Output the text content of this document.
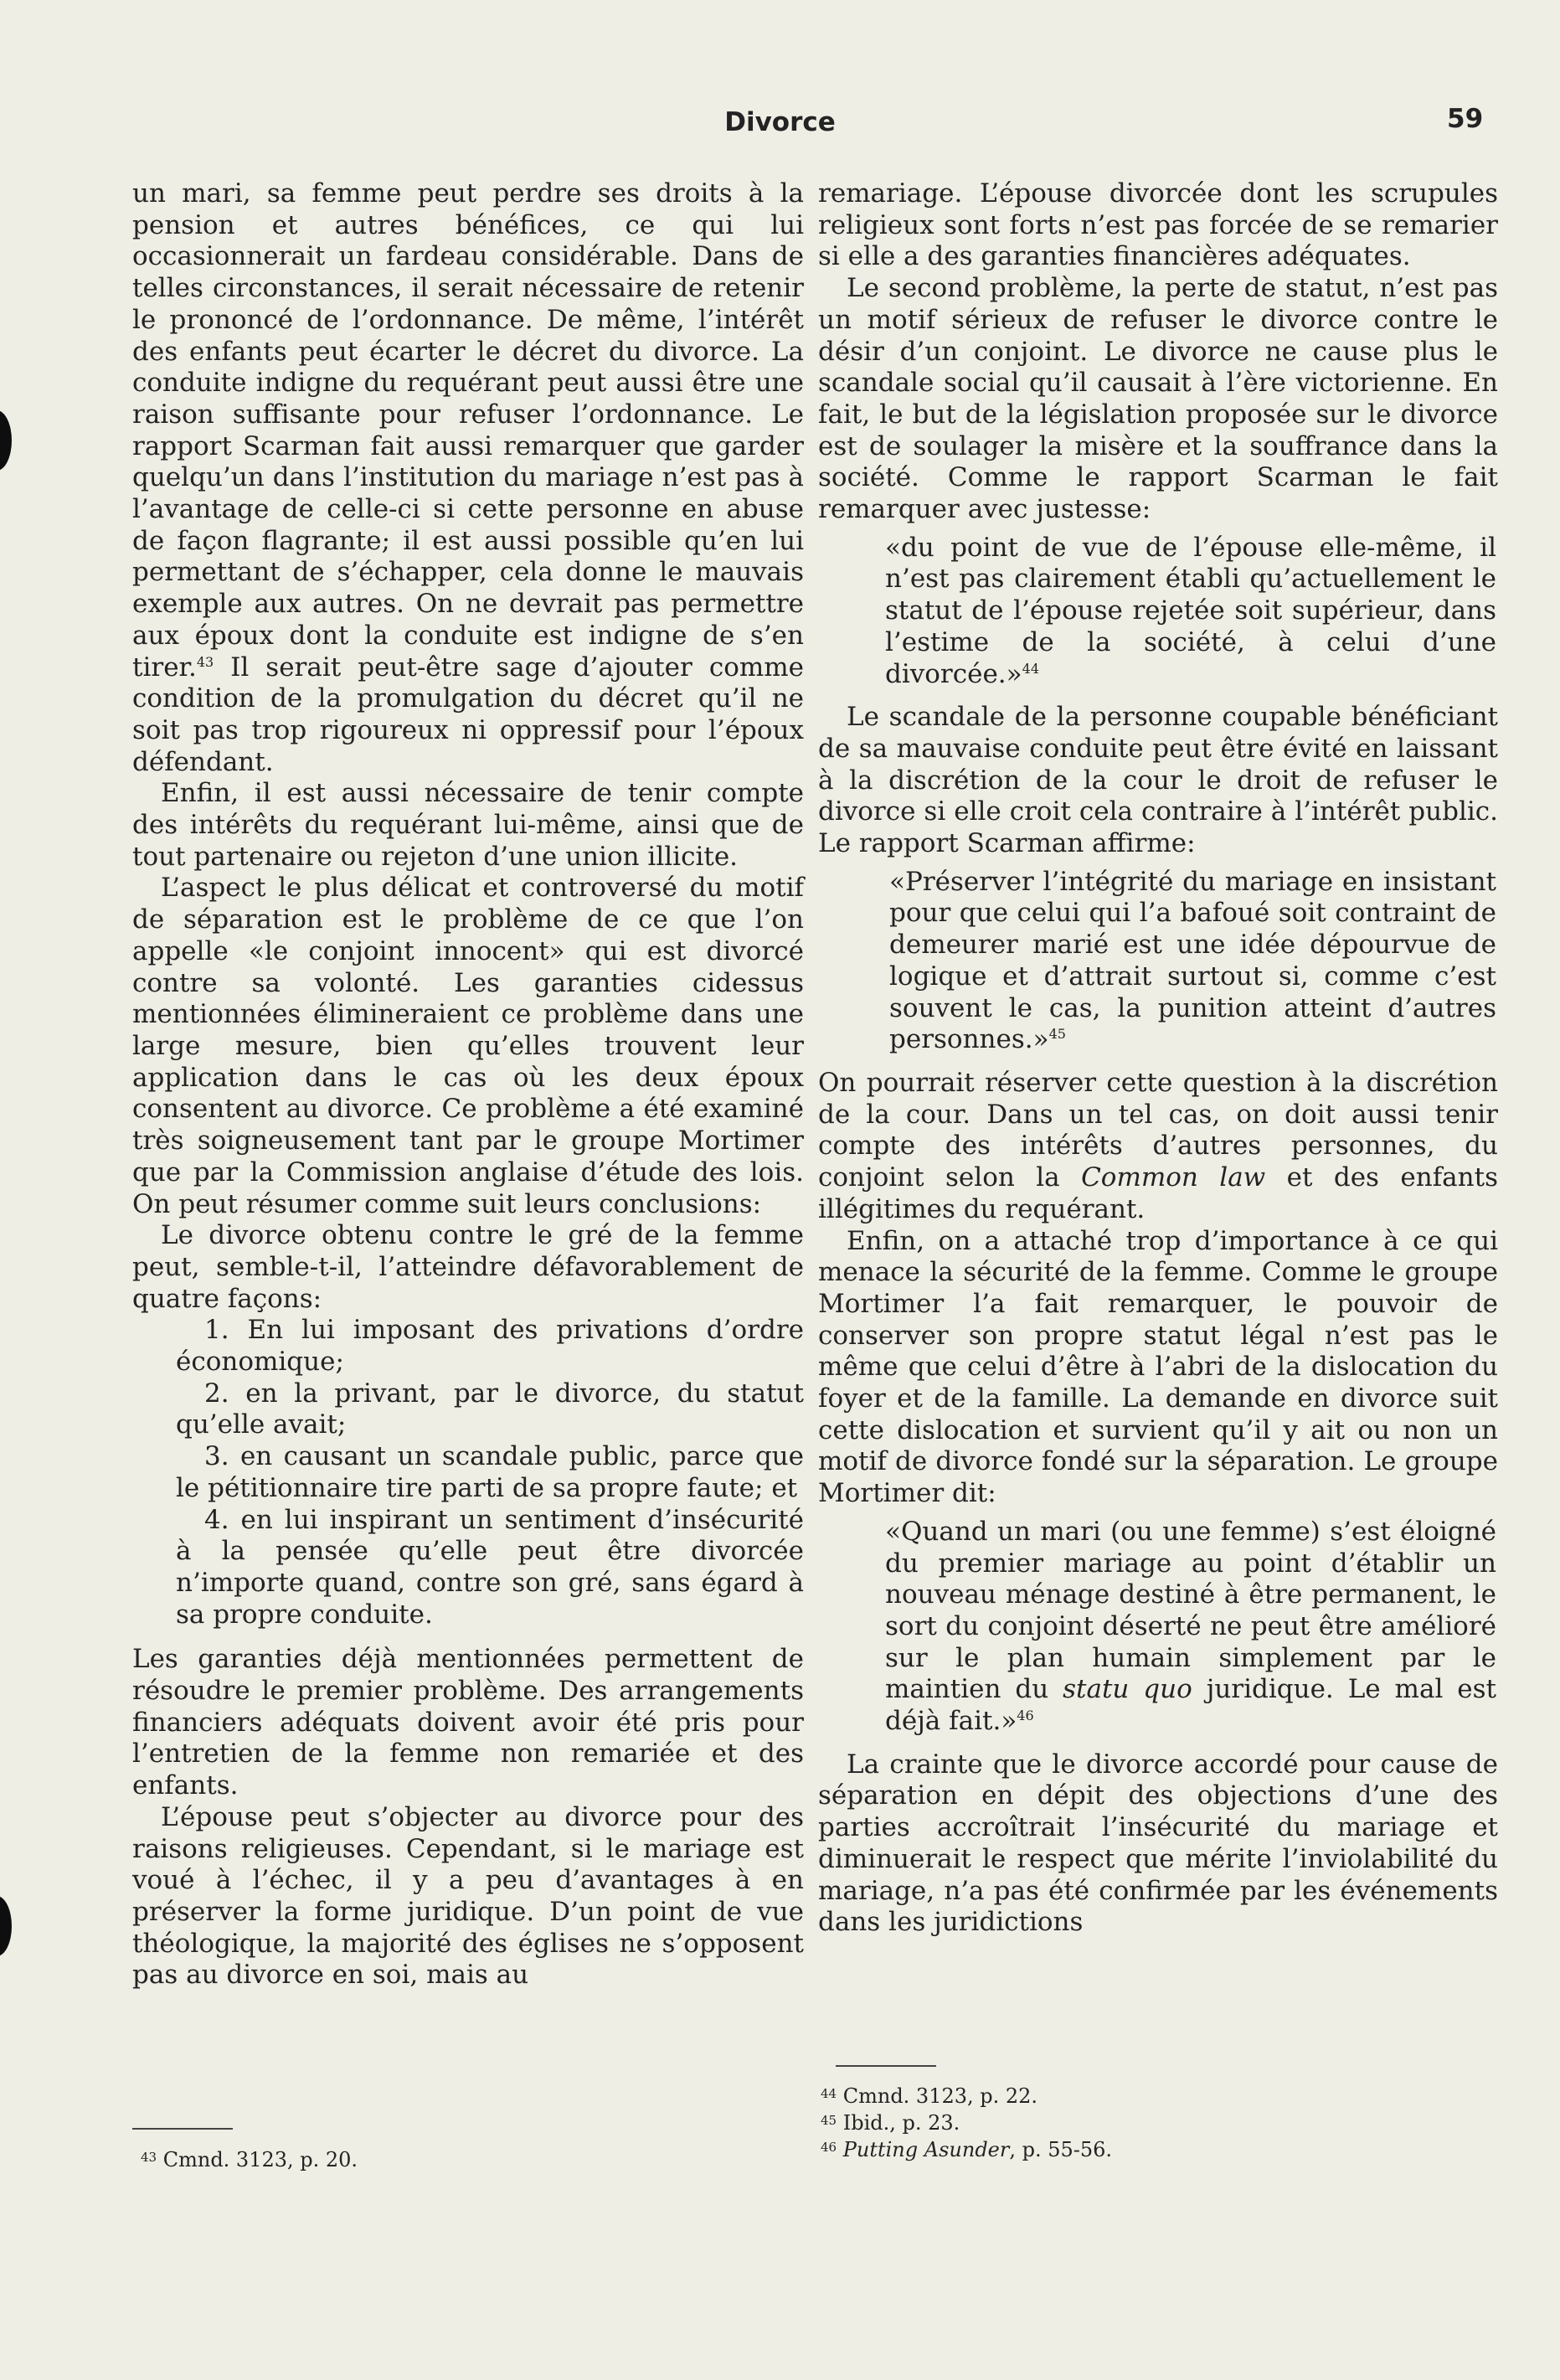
Divorce	59

un mari, sa femme peut perdre ses droits à la pension et autres bénéfices, ce qui lui occasionnerait un fardeau considérable. Dans de telles circonstances, il serait nécessaire de retenir le prononcé de l’ordonnance. De même, l’intérêt des enfants peut écarter le décret du divorce. La conduite indigne du requérant peut aussi être une raison suffisante pour refuser l’ordonnance. Le rapport Scarman fait aussi remarquer que garder quelqu’un dans l’institution du mariage n’est pas à l’avantage de celle-ci si cette personne en abuse de façon flagrante; il est aussi possible qu’en lui permettant de s’échapper, cela donne le mauvais exemple aux autres. On ne devrait pas permettre aux époux dont la conduite est indigne de s’en tirer.$^{43}$ Il serait peut-être sage d’ajouter comme condition de la promulgation du décret qu’il ne soit pas trop rigoureux ni oppressif pour l’époux défendant.

Enfin, il est aussi nécessaire de tenir compte des intérêts du requérant lui-même, ainsi que de tout partenaire ou rejeton d’une union illicite.

L’aspect le plus délicat et controversé du motif de séparation est le problème de ce que l’on appelle «le conjoint innocent» qui est divorcé contre sa volonté. Les garanties cidessus mentionnées élimineraient ce problème dans une large mesure, bien qu’elles trouvent leur application dans le cas où les deux époux consentent au divorce. Ce problème a été examiné très soigneusement tant par le groupe Mortimer que par la Commission anglaise d’étude des lois. On peut résumer comme suit leurs conclusions:

Le divorce obtenu contre le gré de la femme peut, semble-t-il, l’atteindre défavorablement de quatre façons:

1. En lui imposant des privations d’ordre économique;

2. en la privant, par le divorce, du statut qu’elle avait;

3. en causant un scandale public, parce que le pétitionnaire tire parti de sa propre faute; et

4. en lui inspirant un sentiment d’insécurité à la pensée qu’elle peut être divorcée n’importe quand, contre son gré, sans égard à sa propre conduite.

Les garanties déjà mentionnées permettent de résoudre le premier problème. Des arrangements financiers adéquats doivent avoir été pris pour l’entretien de la femme non remariée et des enfants.

L’épouse peut s’objecter au divorce pour des raisons religieuses. Cependant, si le mariage est voué à l’échec, il y a peu d’avantages à en préserver la forme juridique. D’un point de vue théologique, la majorité des églises ne s’opposent pas au divorce en soi, mais au

$^{43}$ Cmnd. 3123, p. 20.

remariage. L’épouse divorcée dont les scrupules religieux sont forts n’est pas forcée de se remarier si elle a des garanties financières adéquates.

Le second problème, la perte de statut, n’est pas un motif sérieux de refuser le divorce contre le désir d’un conjoint. Le divorce ne cause plus le scandale social qu’il causait à l’ère victorienne. En fait, le but de la législation proposée sur le divorce est de soulager la misère et la souffrance dans la société. Comme le rapport Scarman le fait remarquer avec justesse:

«du point de vue de l’épouse elle-même, il n’est pas clairement établi qu’actuellement le statut de l’épouse rejetée soit supérieur, dans l’estime de la société, à celui d’une divorcée.»$^{44}$

Le scandale de la personne coupable bénéficiant de sa mauvaise conduite peut être évité en laissant à la discrétion de la cour le droit de refuser le divorce si elle croit cela contraire à l’intérêt public. Le rapport Scarman affirme:

«Préserver l’intégrité du mariage en insistant pour que celui qui l’a bafoué soit contraint de demeurer marié est une idée dépourvue de logique et d’attrait surtout si, comme c’est souvent le cas, la punition atteint d’autres personnes.»$^{45}$

On pourrait réserver cette question à la discrétion de la cour. Dans un tel cas, on doit aussi tenir compte des intérêts d’autres personnes, du conjoint selon la Common law et des enfants illégitimes du requérant.

Enfin, on a attaché trop d’importance à ce qui menace la sécurité de la femme. Comme le groupe Mortimer l’a fait remarquer, le pouvoir de conserver son propre statut légal n’est pas le même que celui d’être à l’abri de la dislocation du foyer et de la famille. La demande en divorce suit cette dislocation et survient qu’il y ait ou non un motif de divorce fondé sur la séparation. Le groupe Mortimer dit:

«Quand un mari (ou une femme) s’est éloigné du premier mariage au point d’établir un nouveau ménage destiné à être permanent, le sort du conjoint déserté ne peut être amélioré sur le plan humain simplement par le maintien du statu quo juridique. Le mal est déjà fait.»$^{46}$

La crainte que le divorce accordé pour cause de séparation en dépit des objections d’une des parties accroîtrait l’insécurité du mariage et diminuerait le respect que mérite l’inviolabilité du mariage, n’a pas été confirmée par les événements dans les juridictions

$^{44}$ Cmnd. 3123, p. 22.

$^{45}$ Ibid., p. 23.

$^{46}$ Putting Asunder, p. 55-56.
